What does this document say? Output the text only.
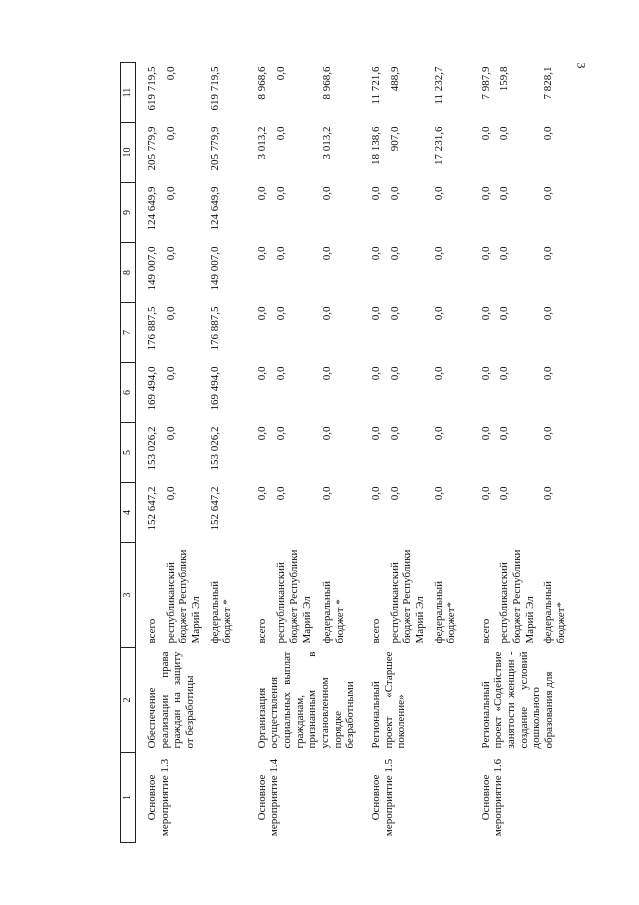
3
1	2	3	4	5	6	7	8	9	10	11
Основное мероприятие 1.3	Обеспечение реализации права граждан на защиту от безработицы	всего	152 647,2	153 026,2	169 494,0	176 887,5	149 007,0	124 649,9	205 779,9	619 719,5
		республиканский бюджет Республики Марий Эл	0,0	0,0	0,0	0,0	0,0	0,0	0,0	0,0
		федеральный бюджет *	152 647,2	153 026,2	169 494,0	176 887,5	149 007,0	124 649,9	205 779,9	619 719,5
Основное мероприятие 1.4	Организация осуществления социальных выплат гражданам, признанным в установленном порядке безработными	всего	0,0	0,0	0,0	0,0	0,0	0,0	3 013,2	8 968,6
		республиканский бюджет Республики Марий Эл	0,0	0,0	0,0	0,0	0,0	0,0	0,0	0,0
		федеральный бюджет *	0,0	0,0	0,0	0,0	0,0	0,0	3 013,2	8 968,6
Основное мероприятие 1.5	Региональный проект «Старшее поколение»	всего	0,0	0,0	0,0	0,0	0,0	0,0	18 138,6	11 721,6
		республиканский бюджет Республики Марий Эл	0,0	0,0	0,0	0,0	0,0	0,0	907,0	488,9
		федеральный бюджет*	0,0	0,0	0,0	0,0	0,0	0,0	17 231,6	11 232,7
Основное мероприятие 1.6	Региональный проект «Содействие занятости женщин - создание условий дошкольного образования для	всего	0,0	0,0	0,0	0,0	0,0	0,0	0,0	7 987,9
		республиканский бюджет Республики Марий Эл	0,0	0,0	0,0	0,0	0,0	0,0	0,0	159,8
		федеральный бюджет*	0,0	0,0	0,0	0,0	0,0	0,0	0,0	7 828,1
